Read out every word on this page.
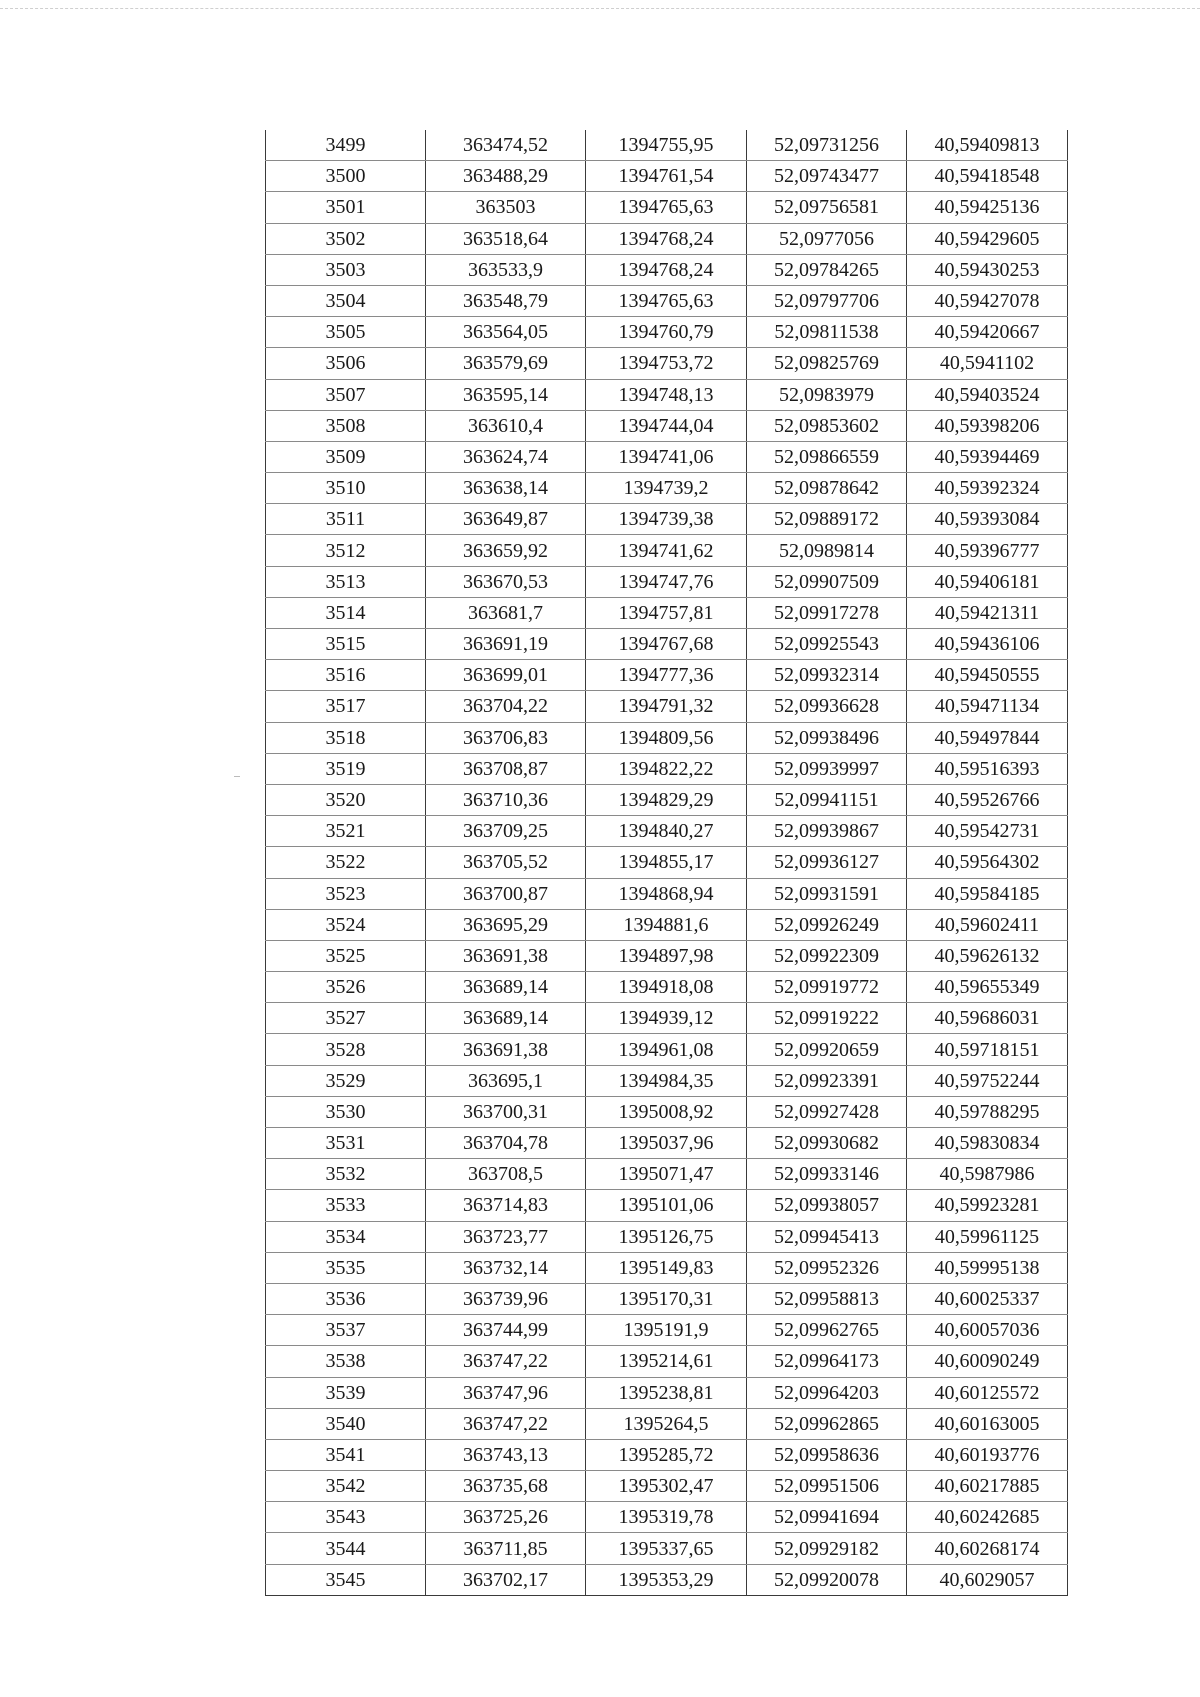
3499	363474,52	1394755,95	52,09731256	40,59409813
3500	363488,29	1394761,54	52,09743477	40,59418548
3501	363503	1394765,63	52,09756581	40,59425136
3502	363518,64	1394768,24	52,0977056	40,59429605
3503	363533,9	1394768,24	52,09784265	40,59430253
3504	363548,79	1394765,63	52,09797706	40,59427078
3505	363564,05	1394760,79	52,09811538	40,59420667
3506	363579,69	1394753,72	52,09825769	40,5941102
3507	363595,14	1394748,13	52,0983979	40,59403524
3508	363610,4	1394744,04	52,09853602	40,59398206
3509	363624,74	1394741,06	52,09866559	40,59394469
3510	363638,14	1394739,2	52,09878642	40,59392324
3511	363649,87	1394739,38	52,09889172	40,59393084
3512	363659,92	1394741,62	52,0989814	40,59396777
3513	363670,53	1394747,76	52,09907509	40,59406181
3514	363681,7	1394757,81	52,09917278	40,59421311
3515	363691,19	1394767,68	52,09925543	40,59436106
3516	363699,01	1394777,36	52,09932314	40,59450555
3517	363704,22	1394791,32	52,09936628	40,59471134
3518	363706,83	1394809,56	52,09938496	40,59497844
3519	363708,87	1394822,22	52,09939997	40,59516393
3520	363710,36	1394829,29	52,09941151	40,59526766
3521	363709,25	1394840,27	52,09939867	40,59542731
3522	363705,52	1394855,17	52,09936127	40,59564302
3523	363700,87	1394868,94	52,09931591	40,59584185
3524	363695,29	1394881,6	52,09926249	40,59602411
3525	363691,38	1394897,98	52,09922309	40,59626132
3526	363689,14	1394918,08	52,09919772	40,59655349
3527	363689,14	1394939,12	52,09919222	40,59686031
3528	363691,38	1394961,08	52,09920659	40,59718151
3529	363695,1	1394984,35	52,09923391	40,59752244
3530	363700,31	1395008,92	52,09927428	40,59788295
3531	363704,78	1395037,96	52,09930682	40,59830834
3532	363708,5	1395071,47	52,09933146	40,5987986
3533	363714,83	1395101,06	52,09938057	40,59923281
3534	363723,77	1395126,75	52,09945413	40,59961125
3535	363732,14	1395149,83	52,09952326	40,59995138
3536	363739,96	1395170,31	52,09958813	40,60025337
3537	363744,99	1395191,9	52,09962765	40,60057036
3538	363747,22	1395214,61	52,09964173	40,60090249
3539	363747,96	1395238,81	52,09964203	40,60125572
3540	363747,22	1395264,5	52,09962865	40,60163005
3541	363743,13	1395285,72	52,09958636	40,60193776
3542	363735,68	1395302,47	52,09951506	40,60217885
3543	363725,26	1395319,78	52,09941694	40,60242685
3544	363711,85	1395337,65	52,09929182	40,60268174
3545	363702,17	1395353,29	52,09920078	40,6029057
